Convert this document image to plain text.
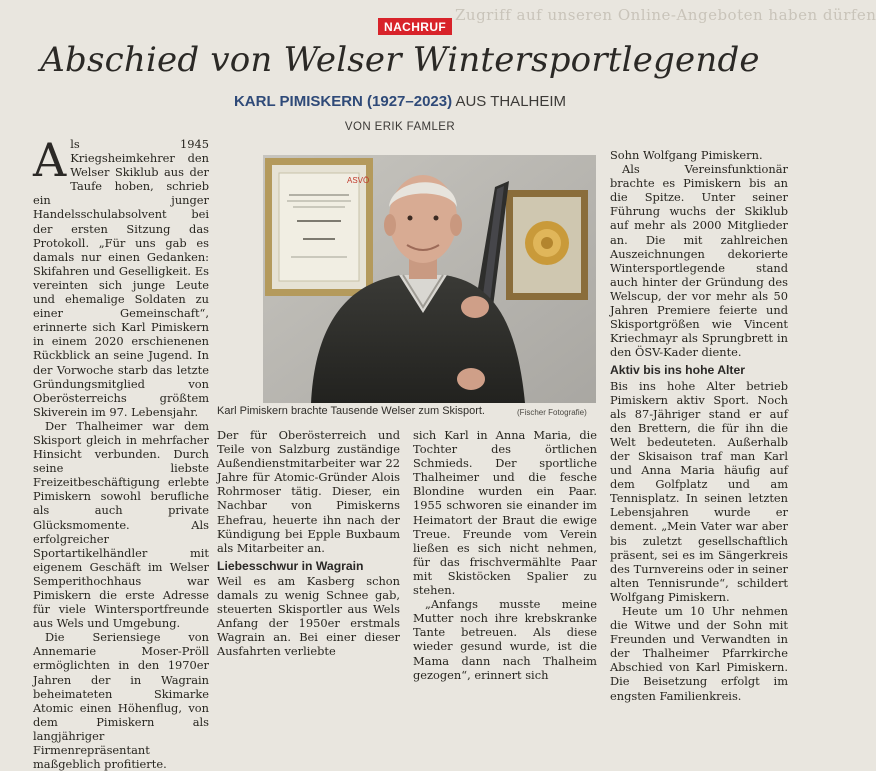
Zugriff auf unseren Online-Angeboten haben dürfen
NACHRUF
Abschied von Welser Wintersportlegende
KARL PIMISKERN (1927–2023) AUS THALHEIM
VON ERIK FAMLER

Als 1945 Kriegsheimkehrer den Welser Skiklub aus der Taufe hoben, schrieb ein junger Handelsschulabsolvent bei der ersten Sitzung das Protokoll. „Für uns gab es damals nur einen Gedanken: Skifahren und Geselligkeit. Es vereinten sich junge Leute und ehemalige Soldaten zu einer Gemeinschaft“, erinnerte sich Karl Pimiskern in einem 2020 erschienenen Rückblick an seine Jugend. In der Vorwoche starb das letzte Gründungsmitglied von Oberösterreichs größtem Skiverein im 97. Lebensjahr.

Der Thalheimer war dem Skisport gleich in mehrfacher Hinsicht verbunden. Durch seine liebste Freizeitbeschäftigung erlebte Pimiskern sowohl berufliche als auch private Glücksmomente. Als erfolgreicher Sportartikelhändler mit eigenem Geschäft im Welser Semperithochhaus war Pimiskern die erste Adresse für viele Wintersportfreunde aus Wels und Umgebung.

Die Seriensiege von Annemarie Moser-Pröll ermöglichten in den 1970er Jahren der in Wagrain beheimateten Skimarke Atomic einen Höhenflug, von dem Pimiskern als langjähriger Firmenrepräsentant maßgeblich profitierte.

ASVÖ
Karl Pimiskern brachte Tausende Welser zum Skisport.	(Fischer Fotografie)

Der für Oberösterreich und Teile von Salzburg zuständige Außendienstmitarbeiter war 22 Jahre für Atomic-Gründer Alois Rohrmoser tätig. Dieser, ein Nachbar von Pimiskerns Ehefrau, heuerte ihn nach der Kündigung bei Epple Buxbaum als Mitarbeiter an.

Liebesschwur in Wagrain

Weil es am Kasberg schon damals zu wenig Schnee gab, steuerten Skisportler aus Wels Anfang der 1950er erstmals Wagrain an. Bei einer dieser Ausfahrten verliebte

sich Karl in Anna Maria, die Tochter des örtlichen Schmieds. Der sportliche Thalheimer und die fesche Blondine wurden ein Paar. 1955 schworen sie einander im Heimatort der Braut die ewige Treue. Freunde vom Verein ließen es sich nicht nehmen, für das frischvermählte Paar mit Skistöcken Spalier zu stehen.

„Anfangs musste meine Mutter noch ihre krebskranke Tante betreuen. Als diese wieder gesund wurde, ist die Mama dann nach Thalheim gezogen“, erinnert sich

Sohn Wolfgang Pimiskern.

Als Vereinsfunktionär brachte es Pimiskern bis an die Spitze. Unter seiner Führung wuchs der Skiklub auf mehr als 2000 Mitglieder an. Die mit zahlreichen Auszeichnungen dekorierte Wintersportlegende stand auch hinter der Gründung des Welscup, der vor mehr als 50 Jahren Premiere feierte und Skisportgrößen wie Vincent Kriechmayr als Sprungbrett in den ÖSV-Kader diente.

Aktiv bis ins hohe Alter

Bis ins hohe Alter betrieb Pimiskern aktiv Sport. Noch als 87-Jähriger stand er auf den Brettern, die für ihn die Welt bedeuteten. Außerhalb der Skisaison traf man Karl und Anna Maria häufig auf dem Golfplatz und am Tennisplatz. In seinen letzten Lebensjahren wurde er dement. „Mein Vater war aber bis zuletzt gesellschaftlich präsent, sei es im Sängerkreis des Turnvereins oder in seiner alten Tennisrunde“, schildert Wolfgang Pimiskern.

Heute um 10 Uhr nehmen die Witwe und der Sohn mit Freunden und Verwandten in der Thalheimer Pfarrkirche Abschied von Karl Pimiskern. Die Beisetzung erfolgt im engsten Familienkreis.
